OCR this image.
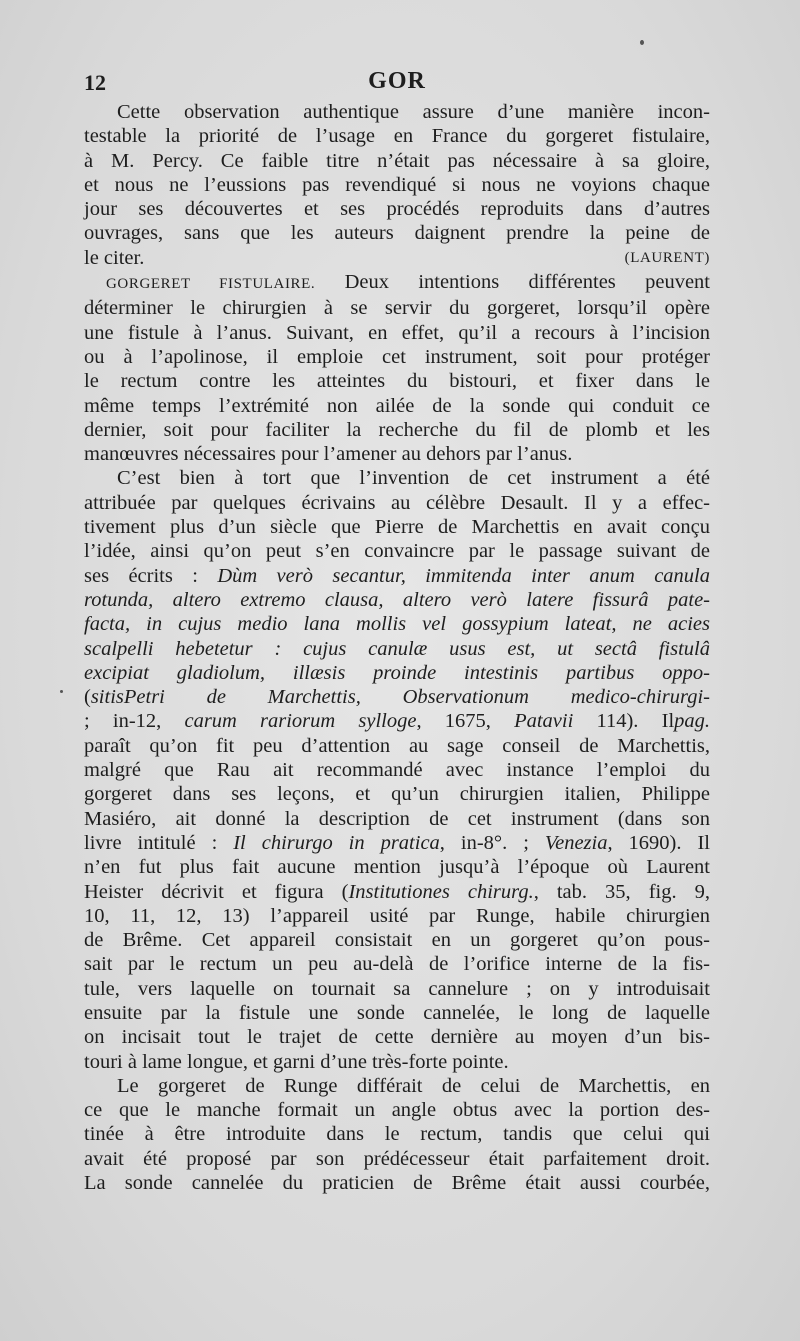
12	GOR
Cette observation authentique assure d’une manière incon-
testable la priorité de l’usage en France du gorgeret fistulaire,
à M. Percy. Ce faible titre n’était pas nécessaire à sa gloire,
et nous ne l’eussions pas revendiqué si nous ne voyions chaque
jour ses découvertes et ses procédés reproduits dans d’autres
ouvrages, sans que les auteurs daignent prendre la peine de
le citer.	(LAURENT)
GORGERET FISTULAIRE. Deux intentions différentes peuvent
déterminer le chirurgien à se servir du gorgeret, lorsqu’il opère
une fistule à l’anus. Suivant, en effet, qu’il a recours à l’incision
ou à l’apolinose, il emploie cet instrument, soit pour protéger
le rectum contre les atteintes du bistouri, et fixer dans le
même temps l’extrémité non ailée de la sonde qui conduit ce
dernier, soit pour faciliter la recherche du fil de plomb et les
manœuvres nécessaires pour l’amener au dehors par l’anus.
C’est bien à tort que l’invention de cet instrument a été
attribuée par quelques écrivains au célèbre Desault. Il y a effec-
tivement plus d’un siècle que Pierre de Marchettis en avait conçu
l’idée, ainsi qu’on peut s’en convaincre par le passage suivant de
ses écrits : Dùm verò secantur, immitenda inter anum canula
rotunda, altero extremo clausa, altero verò latere fissurâ pate-
facta, in cujus medio lana mollis vel gossypium lateat, ne acies
scalpelli hebetetur : cujus canulæ usus est, ut sectâ fistulâ
excipiat gladiolum, illæsis proinde intestinis partibus oppo-
(sitisPetri de Marchettis, Observationum medico-chirurgi-
; in-12, carum rariorum sylloge, 1675, Patavii 114). Ilpag.
paraît qu’on fit peu d’attention au sage conseil de Marchettis,
malgré que Rau ait recommandé avec instance l’emploi du
gorgeret dans ses leçons, et qu’un chirurgien italien, Philippe
Masiéro, ait donné la description de cet instrument (dans son
livre intitulé : Il chirurgo in pratica, in-8°. ; Venezia, 1690). Il
n’en fut plus fait aucune mention jusqu’à l’époque où Laurent
Heister décrivit et figura (Institutiones chirurg., tab. 35, fig. 9,
10, 11, 12, 13) l’appareil usité par Runge, habile chirurgien
de Brême. Cet appareil consistait en un gorgeret qu’on pous-
sait par le rectum un peu au-delà de l’orifice interne de la fis-
tule, vers laquelle on tournait sa cannelure ; on y introduisait
ensuite par la fistule une sonde cannelée, le long de laquelle
on incisait tout le trajet de cette dernière au moyen d’un bis-
touri à lame longue, et garni d’une très-forte pointe.
Le gorgeret de Runge différait de celui de Marchettis, en
ce que le manche formait un angle obtus avec la portion des-
tinée à être introduite dans le rectum, tandis que celui qui
avait été proposé par son prédécesseur était parfaitement droit.
La sonde cannelée du praticien de Brême était aussi courbée,
